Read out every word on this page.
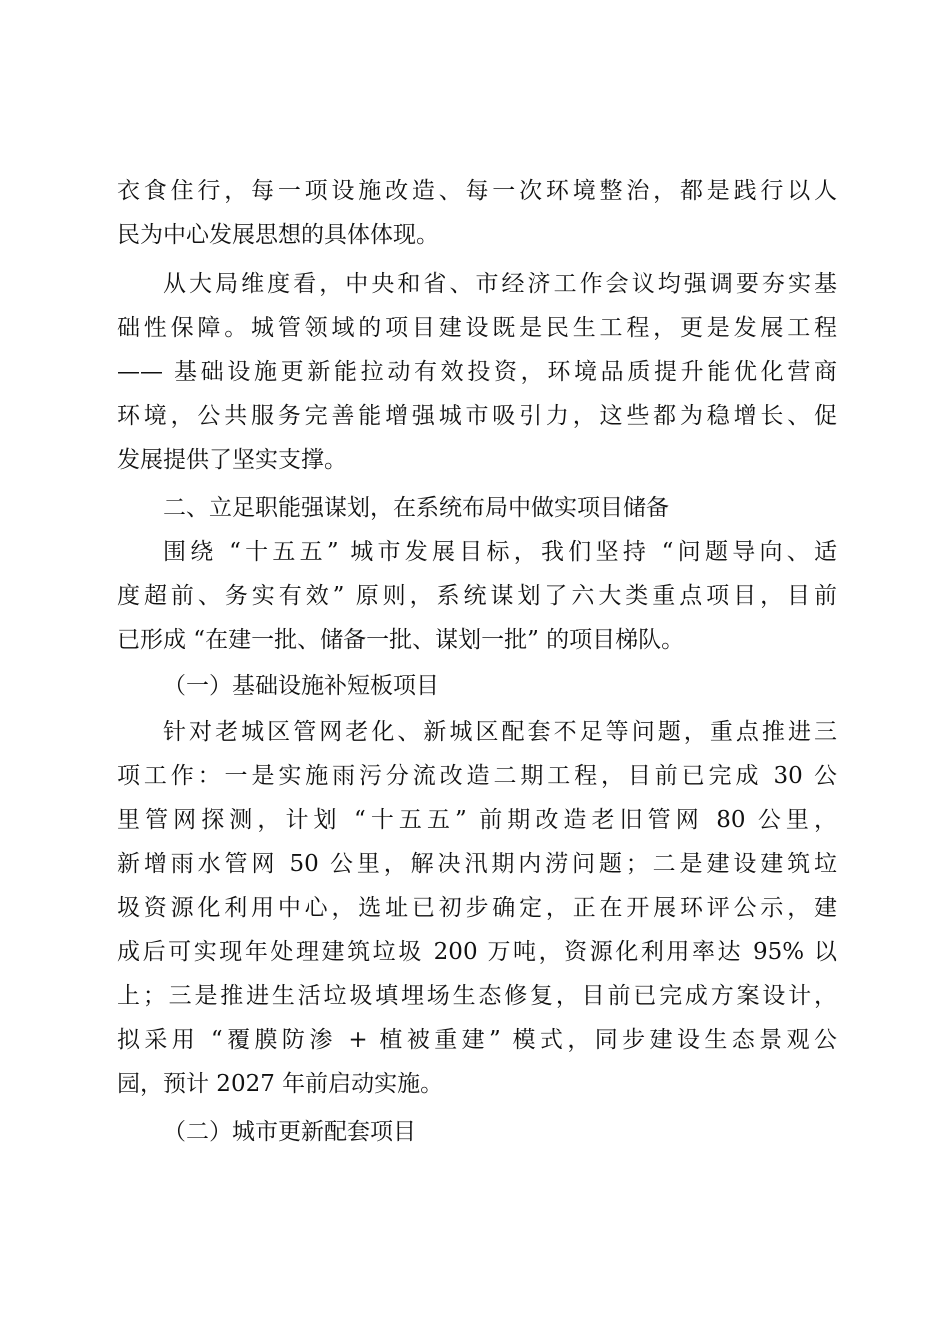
衣食住行，每一项设施改造、每一次环境整治，都是践行以人
民为中心发展思想的具体体现。
从大局维度看，中央和省、市经济工作会议均强调要夯实基
础性保障。城管领域的项目建设既是民生工程，更是发展工程
—— 基础设施更新能拉动有效投资，环境品质提升能优化营商
环境，公共服务完善能增强城市吸引力，这些都为稳增长、促
发展提供了坚实支撑。
二、立足职能强谋划，在系统布局中做实项目储备
围绕 “十五五” 城市发展目标，我们坚持 “问题导向、适
度超前、务实有效” 原则，系统谋划了六大类重点项目，目前
已形成 “在建一批、储备一批、谋划一批” 的项目梯队。
（一）基础设施补短板项目
针对老城区管网老化、新城区配套不足等问题，重点推进三
项工作：一是实施雨污分流改造二期工程，目前已完成 30 公
里管网探测，计划 “十五五” 前期改造老旧管网 80 公里，
新增雨水管网 50 公里，解决汛期内涝问题；二是建设建筑垃
圾资源化利用中心，选址已初步确定，正在开展环评公示，建
成后可实现年处理建筑垃圾 200 万吨，资源化利用率达 95% 以
上；三是推进生活垃圾填埋场生态修复，目前已完成方案设计，
拟采用 “覆膜防渗 + 植被重建” 模式，同步建设生态景观公
园，预计 2027 年前启动实施。
（二）城市更新配套项目
